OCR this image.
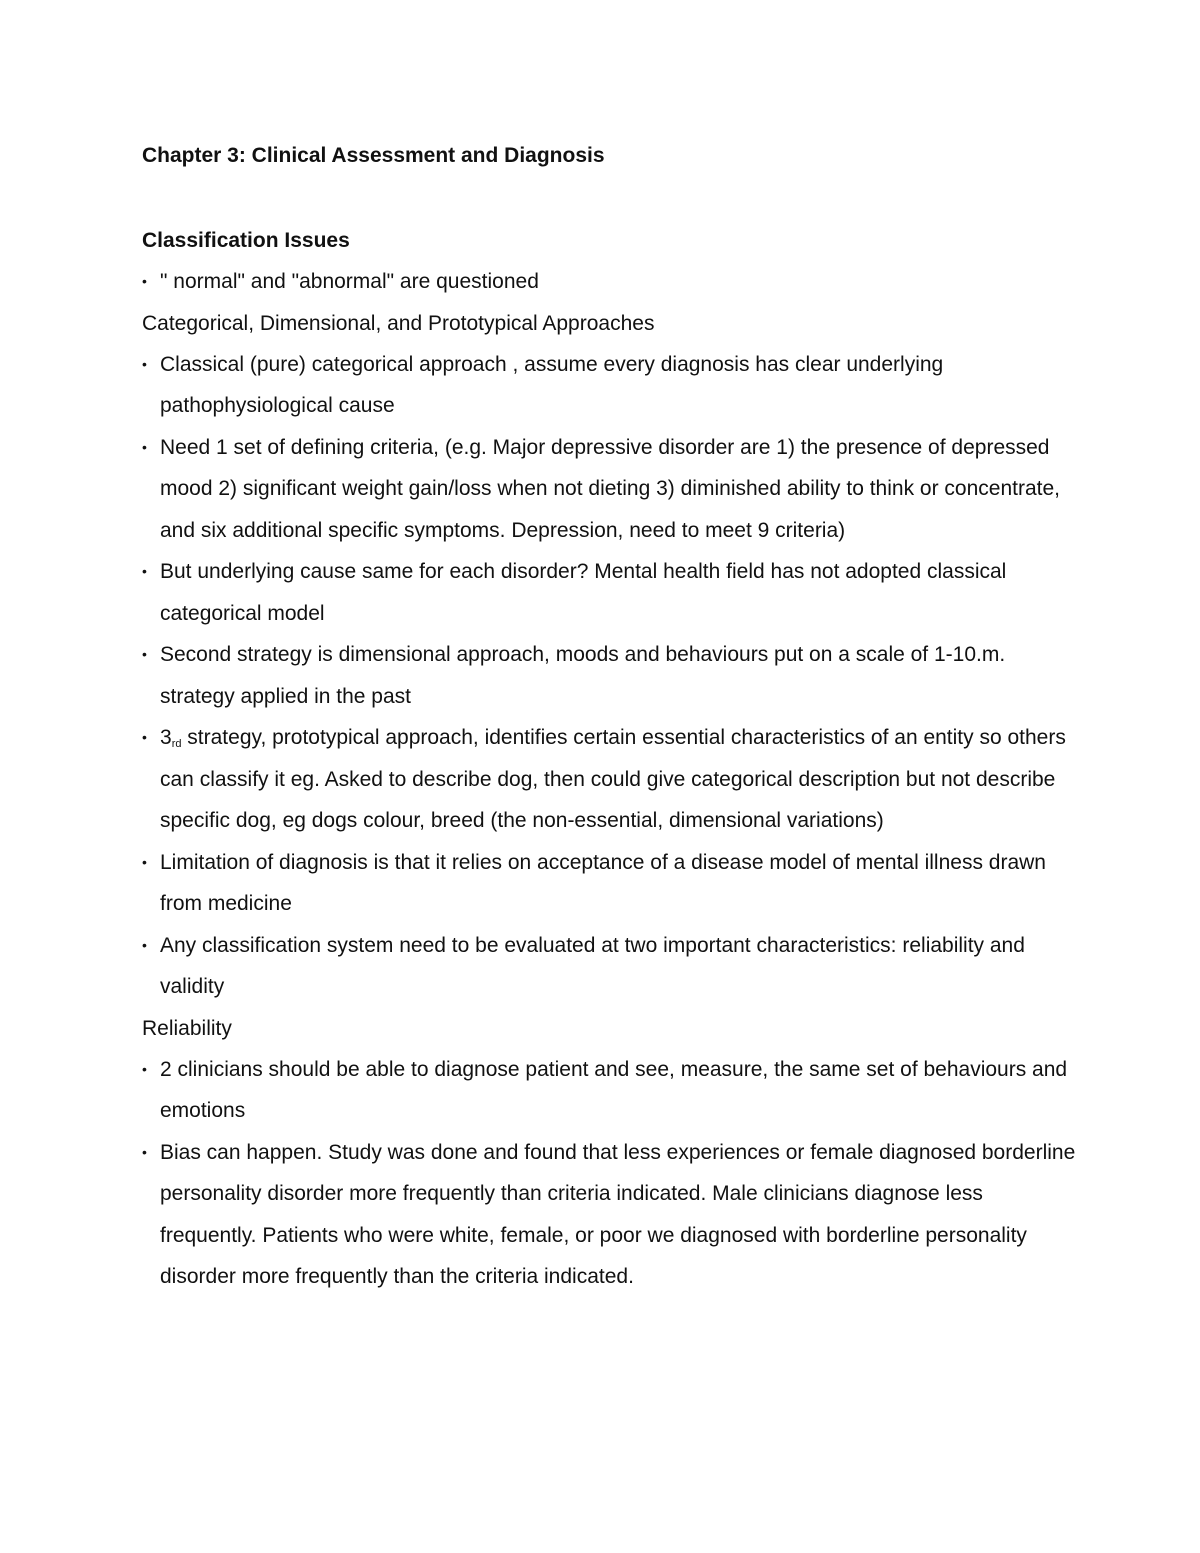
Chapter 3: Clinical Assessment and Diagnosis
Classification Issues
• " normal" and "abnormal" are questioned
Categorical, Dimensional, and Prototypical Approaches
• Classical (pure) categorical approach , assume every diagnosis has clear underlying pathophysiological cause
• Need 1 set of defining criteria, (e.g. Major depressive disorder are 1) the presence of depressed mood 2) significant weight gain/loss when not dieting 3) diminished ability to think or concentrate, and six additional specific symptoms. Depression, need to meet 9 criteria)
• But underlying cause same for each disorder? Mental health field has not adopted classical categorical model
• Second strategy is dimensional approach, moods and behaviours put on a scale of 1-10.m. strategy applied in the past
• $3_{rd}$ strategy, prototypical approach, identifies certain essential characteristics of an entity so others can classify it eg. Asked to describe dog, then could give categorical description but not describe specific dog, eg dogs colour, breed (the non-essential, dimensional variations)
• Limitation of diagnosis is that it relies on acceptance of a disease model of mental illness drawn from medicine
• Any classification system need to be evaluated at two important characteristics: reliability and validity
Reliability
• 2 clinicians should be able to diagnose patient and see, measure, the same set of behaviours and emotions
• Bias can happen. Study was done and found that less experiences or female diagnosed borderline personality disorder more frequently than criteria indicated. Male clinicians diagnose less frequently. Patients who were white, female, or poor we diagnosed with borderline personality disorder more frequently than the criteria indicated.
